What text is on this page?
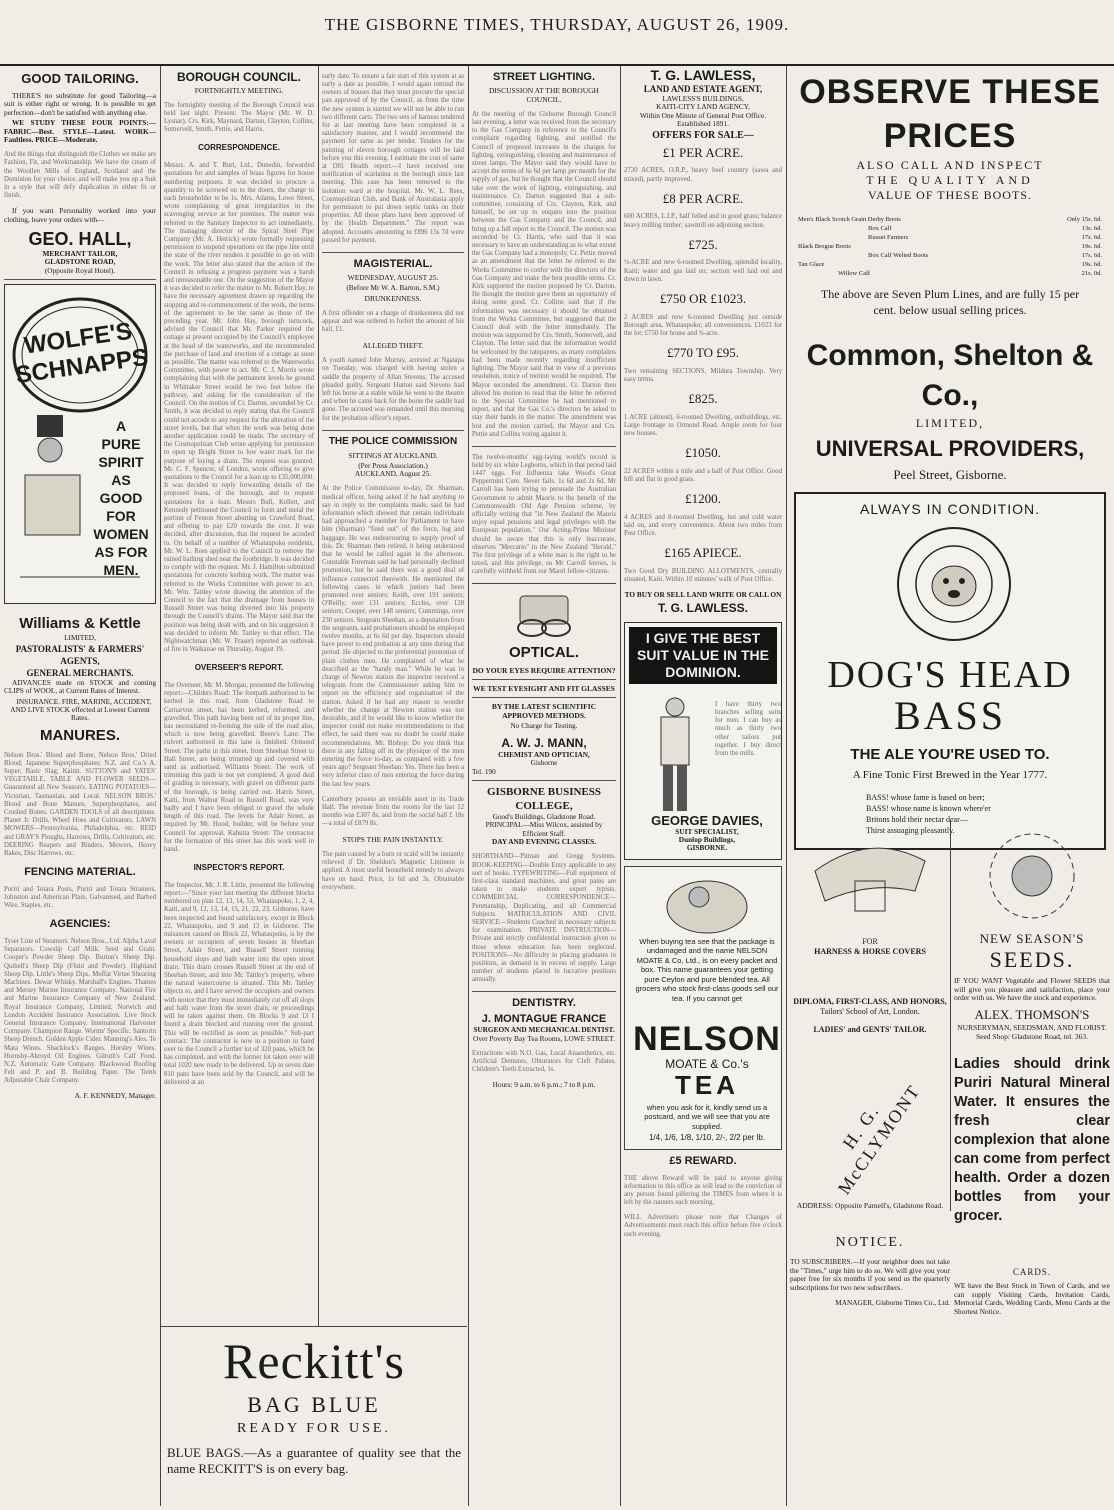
THE GISBORNE TIMES, THURSDAY, AUGUST 26, 1909.
GOOD TAILORING.

THERE'S no substitute for good Tailoring—a suit is either right or wrong. It is possible to get perfection—don't be satisfied with anything else.

WE STUDY THESE FOUR POINTS:—FABRIC—Best. STYLE—Latest. WORK—Faultless. PRICE—Moderate.

And the things that distinguish the Clothes we make are Fashion, Fit, and Workmanship. We have the cream of the Woollen Mills of England, Scotland and the Dominion for your choice, and will make you up a Suit in a style that will defy duplication in either fit or finish.

If you want Personality worked into your clothing, leave your orders with—

GEO. HALL,
MERCHANT TAILOR,
GLADSTONE ROAD,
(Opposite Royal Hotel).
WOLFE'S SCHNAPPS
A
PURE
SPIRIT
AS
GOOD
FOR
WOMEN
AS FOR
MEN.
Williams & Kettle
LIMITED,
PASTORALISTS' & FARMERS'
AGENTS,
GENERAL MERCHANTS.

ADVANCES made on STOCK and coming CLIPS of WOOL, at Current Rates of Interest.

INSURANCE. FIRE, MARINE, ACCIDENT, AND LIVE STOCK effected at Lowest Current Rates.

MANURES.

Nelson Bros.' Blood and Bone; Nelson Bros.' Dried Blood; Japanese Superphosphates; N.Z. and Co.'s A. Super; Basic Slag; Kainit. SUTTON'S and YATES' VEGETABLE, TABLE AND FLOWER SEEDS—Guaranteed all New Season's. EATING POTATOES—Victorian, Tasmanian, and Local. NELSON BROS.' Blood and Bone Manure, Superphosphates, and Crushed Bones. GARDEN TOOLS of all descriptions. Planet Jr. Drills, Wheel Hoes and Cultivators. LAWN MOWERS—Pennsylvania, Philadelphia, etc. REID and GRAY'S Ploughs, Harrows, Drills, Cultivators, etc. DEERING Reapers and Binders, Mowers, Heavy Rakes, Disc Harrows, etc.

FENCING MATERIAL.

Puriri and Totara Posts, Puriri and Totara Strainers, Johnston and American Plain, Galvanised, and Barbed Wire, Staples, etc.

AGENCIES:

Tyser Line of Steamers. Nelson Bros., Ltd. Alpha Laval Separators. Cowslip Calf Milk. Seed and Grain. Cooper's Powder Sheep Dip. Burton's Sheep Dip. Quibell's Sheep Dip (Fluid and Powder). Highland Sheep Dip. Little's Sheep Dips. Moffat Virtue Shearing Machines. Dewar Whisky. Marshall's Engines. Thames and Mersey Marine Insurance Company. National Fire and Marine Insurance Company of New Zealand. Royal Insurance Company, Limited. Norwich and London Accident Insurance Association. Live Stock General Insurance Company. International Harvester Company. Champion Range. Worms' Specific. Santorin Sheep Drench. Golden Apple Cider. Manning's Ales. Te Mata Wines. Shacklock's Ranges. Horsley Wines. Hornsby-Akroyd Oil Engines. Gilruth's Calf Food. N.Z. Automatic Gate Company. Blackwood Roofing Felt and P. and B. Building Paper. The Tomb Adjustable Chair Company.

A. F. KENNEDY, Manager.
BOROUGH COUNCIL.
FORTNIGHTLY MEETING.

The fortnightly meeting of the Borough Council was held last night. Present: The Mayor (Mr. W. D. Lysnar), Crs. Kirk, Maynard, Darton, Clayton, Collins, Somervell, Smith, Pettie, and Harris.

CORRESPONDENCE.

Messrs. A. and T. Burt, Ltd., Dunedin, forwarded quotations for and samples of brass figures for house numbering purposes. It was decided to procure a quantity to be screwed on to the doors, the charge to each householder to be 1s. Mrs. Adams, Lowe Street, wrote complaining of great irregularities in the scavenging service at her premises. The matter was referred to the Sanitary Inspector to act immediately. The managing director of the Spiral Steel Pipe Company (Mr. A. Hetrick) wrote formally requesting permission to suspend operations on the pipe line until the state of the river renders it possible to go on with the work. The letter also stated that the action of the Council in refusing a progress payment was a harsh and unreasonable one. On the suggestion of the Mayor it was decided to refer the matter to Mr. Robert Hay, to have the necessary agreement drawn up regarding the stopping and re-commencement of the work, the terms of the agreement to be the same as those of the preceding year. Mr. John Hay, borough turncock, advised the Council that Mr. Parker required the cottage at present occupied by the Council's employee at the head of the waterworks, and the recommended the purchase of land and erection of a cottage as soon as possible. The matter was referred to the Waterworks Committee, with power to act. Mr. C. J. Morris wrote complaining that with the permanent levels he ground in Whittaker Street would be two feet below the pathway, and asking for the consideration of the Council. On the motion of Cr. Darton, seconded by Cr. Smith, it was decided to reply stating that the Council could not accede to any request for the alteration of the street levels, but that when the work was being done another application could be made. The secretary of the Cosmopolitan Club wrote applying for permission to open up Bright Street to low water mark for the purpose of laying a drain. The request was granted. Mr. C. F. Spencer, of London, wrote offering to give quotations to the Council for a loan up to £35,000,000. It was decided to reply forwarding details of the proposed loans, of the borough, and to request quotations for a loan. Messrs Bull, Kellett, and Kennedy petitioned the Council to form and metal the portion of Fenton Street abutting on Crawford Road, and offering to pay £20 towards the cost. It was decided, after discussion, that the request be acceded to. On behalf of a number of Whataupoko residents, Mr. W. L. Rees applied to the Council to remove the ruined bathing shed near the footbridge. It was decided to comply with the request. Mr. J. Hamilton submitted quotations for concrete kerbing work. The matter was referred to the Works Committee with power to act. Mr. Wm. Tattley wrote drawing the attention of the Council to the fact that the drainage from houses in Russell Street was being diverted into his property through the Council's drains. The Mayor said that the position was being dealt with, and on his suggestion it was decided to inform Mr. Tattley to that effect. The Nightwatchman (Mr. W. Fraser) reported an outbreak of fire in Waikanae on Thursday, August 19.

OVERSEER'S REPORT.

The Overseer, Mr. M. Morgan, presented the following report:—Childers Road: The footpath authorised to be kerbed in this road, from Gladstone Road to Carnarvon street, has been kerbed, reformed, and gravelled. This path having been out of its proper line, has necessitated re-forming the side of the road also, which is now being gravelled. Beere's Lane: The culvert authorised in this lane is finished. Ormond Street: The paths in this street, from Sheehan Street to Hall Street, are being trimmed up and covered with sand as authorised. Williams Street: The work of trimming this path is not yet completed. A good deal of grading is necessary, with gravel on different parts of the borough, is being carried out. Harris Street, Kaiti, from Walnut Road to Russell Road, was very badly and I have been obliged to gravel the whole length of this road. The levels for Adair Street, as required by Mr. Hood, builder, will be before your Council for approval. Kahutia Street: The contractor for the formation of this street has this work well in hand.

INSPECTOR'S REPORT.

The Inspector, Mr. J. R. Little, presented the following report:—"Since your last meeting the different blocks numbered on plan 12, 13, 14, 53, Whataupoko, 1, 2, 4, Kaiti, and 9, 12, 13, 14, 15, 21, 22, 23, Gisborne, have been inspected and found satisfactory, except in Block 22, Whataupoko, and 9 and 13 in Gisborne. The nuisances caused on Block 22, Whataupoko, is by the owners or occupiers of seven houses in Sheehan Street, Adair Street, and Russell Street running household slops and bath water into the open street drain. This drain crosses Russell Street at the end of Sheehan Street, and into Mr. Tattley's property, where the natural watercourse is situated. This Mr. Tattley objects to, and I have served the occupiers and owners with notice that they must immediately cut off all slops and bath water from the street drain, or proceedings will be taken against them. On Blocks 9 and 13 I found a drain blocked and running over the ground. This will be rectified as soon as possible." Sub-part contract: The contractor is now in a position to hand over to the Council a further lot of 320 pans, which he has completed, and with the former lot taken over will total 1020 new ready to be delivered. Up to seven date 810 pans have been sold by the Council, and will be delivered at an

early date. To ensure a fair start of this system at as early a date as possible, I would again remind the owners of houses that they must procure the special pan approved of by the Council, as from the time the new system is started we will not be able to run two different carts. The two sets of harness tendered for at last meeting have been completed in a satisfactory manner, and I would recommend the payment for same as per tender. Tenders for the painting of eleven borough cottages will be laid before you this evening. I estimate the cost of same at £80. Health report.—I have received one notification of scarlatina in the borough since last meeting. This case has been removed to the isolation ward at the hospital. Mr. W. L. Rees, Cosmopolitan Club, and Bank of Australasia apply for permission to put down septic tanks on their properties. All these plans have been approved of by the Health Department." The report was adopted. Accounts amounting to £896 15s 7d were passed for payment.

MAGISTERIAL.
WEDNESDAY, AUGUST 25.
(Before Mr W. A. Barton, S.M.)
DRUNKENNESS.

A first offender on a charge of drunkenness did not appear and was ordered to forfeit the amount of his bail, £1.

ALLEGED THEFT.

A youth named John Murray, arrested at Ngatapa on Tuesday, was charged with having stolen a saddle the property of Allan Stevens. The accused pleaded guilty. Sergeant Hutton said Stevens had left his horse at a stable while he went to the theatre and when he came back for the horse the saddle had gone. The accused was remanded until this morning for the probation officer's report.

THE POLICE COMMISSION
SITTINGS AT AUCKLAND.
(Per Press Association.)
AUCKLAND, August 25.

At the Police Commission to-day, Dr. Sharman, medical officer, being asked if he had anything to say in reply to the complaints made, said he had information which showed that certain individuals had approached a member for Parliament to have him (Sharman) "fired out" of the force, lug and baggage. He was endeavouring to supply proof of this. Dr. Sharman then retired, it being understood that he would be called again in the afternoon. Constable Foreman said he had personally declined promotion, but he said there was a good deal of influence connected therewith. He mentioned the following cases in which juniors had been promoted over seniors: Keith, over 191 seniors; O'Reilly, over 131 seniors; Eccles, over 128 seniors; Cooper, over 148 seniors; Cummings, over 230 seniors. Sergeant Sheehan, as a deputation from the sergeants, said probationers should be employed twelve months, at 6s 6d per day. Inspectors should have power to end probation at any time during that period. He objected to the preferential promotion of plain clothes men. He complained of what he described as the "handy man." While he was in charge of Newton station the inspector received a telegram from the Commissioner asking him to report on the efficiency and organisation of the station. Asked if he had any reason to wonder whether the change at Newton station was not desirable, and if he would like to know whether the inspector could not make recommendations to that effect, he said there was no doubt he could make recommendations. Mr. Bishop: Do you think that there is any falling off in the physique of the men entering the force to-day, as compared with a few years ago? Sergeant Sheehan: Yes. There has been a very inferior class of men entering the force during the last few years.

Canterbury possess an enviable asset in its Trade Hall. The revenue from the rooms for the last 12 months was £307 8s, and from the social hall £ 18s—a total of £879 8s.

STOPS THE PAIN INSTANTLY.

The pain caused by a burn or scald will be instantly relieved if Dr. Sheldon's Magnetic Liniment is applied. A most useful household remedy to always have on hand. Price, 1s 6d and 3s. Obtainable everywhere.

Reckitt's
BAG BLUE
READY FOR USE.
BLUE BAGS.—As a guarantee of quality see that the name RECKITT'S is on every bag.
STREET LIGHTING.
DISCUSSION AT THE BOROUGH COUNCIL.

At the meeting of the Gisborne Borough Council last evening, a letter was received from the secretary to the Gas Company in reference to the Council's complaint regarding lighting, and notified the Council of proposed increases in the charges for lighting, extinguishing, cleaning and maintenance of street lamps. The Mayor said they would have to accept the terms of 6s 6d per lamp per month for the supply of gas, but he thought that the Council should take over the work of lighting, extinguishing, and maintenance. Cr. Darton suggested that a sub-committee, consisting of Crs. Clayton, Kirk, and himself, be set up to enquire into the position between the Gas Company and the Council, and bring up a full report to the Council. The motion was seconded by Cr. Harris, who said that it was necessary to have an understanding as to what extent the Gas Company had a monopoly. Cr. Pettie moved as an amendment that the letter be referred to the Works Committee to confer with the directors of the Gas Company and make the best possible terms. Cr. Kirk supported the motion proposed by Cr. Darton. He thought the motion gave them an opportunity of doing some good. Cr. Collins said that if the information was necessary it should be obtained from the Works Committee, but suggested that the Council deal with the letter immediately. The motion was supported by Crs. Smith, Somervell, and Clayton. The letter said that the information would be welcomed by the ratepayers, as many complaints had been made recently regarding insufficient lighting. The Mayor said that in view of a previous resolution, notice of motion would be required. The Mayor seconded the amendment. Cr. Darton then altered his motion to read that the letter be referred to the Special Committee he had mentioned to report, and that the Gas Co.'s directors be asked to stay their hands in the matter. The amendment was lost and the motion carried, the Mayor and Crs. Pettie and Collins voting against it.

The twelve-months' egg-laying world's record is held by six white Leghorns, which in that period laid 1447 eggs. For Influenza take Wood's Great Peppermint Cure. Never fails. 1s 6d and 2s 6d. Mr Carroll has been trying to persuade the Australian Government to admit Maoris to the benefit of the Commonwealth Old Age Pension scheme, by officially writing that "in New Zealand the Maoris enjoy equal pensions and legal privileges with the European population." Our Acting-Prime Minister should be aware that this is only inaccurate, observes "Mercurio" in the New Zealand "Herald." The first privilege of a white man is the right to be taxed, and this privilege, so Mr Carroll knows, is carefully withheld from our Maori fellow-citizens.

OPTICAL.
DO YOUR EYES REQUIRE ATTENTION?
WE TEST EYESIGHT AND FIT GLASSES
BY THE LATEST SCIENTIFIC APPROVED METHODS.
No Charge for Testing.
A. W. J. MANN,
CHEMIST AND OPTICIAN,
Gisborne
Tel. 190
GISBORNE BUSINESS COLLEGE,
Good's Buildings, Gladstone Road.
PRINCIPAL—Miss Wilcox, assisted by Efficient Staff.
DAY AND EVENING CLASSES.

SHORTHAND—Pitman and Gregg Systems. BOOK-KEEPING—Double Entry applicable to any sort of books. TYPEWRITING—Full equipment of first-class standard machines, and great pains are taken to make students expert typists. COMMERCIAL CORRESPONDENCE—Penmanship, Duplicating, and all Commercial Subjects. MATRICULATION AND CIVIL SERVICE—Students Coached in necessary subjects for examination. PRIVATE INSTRUCTION—Private and strictly confidential instruction given to those whose education has been neglected. POSITIONS—No difficulty in placing graduates in positions, as demand is in excess of supply. Large number of students placed in lucrative positions annually.

DENTISTRY.
J. MONTAGUE FRANCE
SURGEON AND MECHANICAL DENTIST.
Over Poverty Bay Tea Rooms, LOWE STREET.

Extractions with N.O. Gas, Local Anaesthetics, etc. Artificial Dentures, Obturators for Cleft Palates. Children's Teeth Extracted, 1s.

Hours: 9 a.m. to 6 p.m.; 7 to 8 p.m.
T. G. LAWLESS,
LAND AND ESTATE AGENT,
LAWLESS'S BUILDINGS,
KAITI-CITY LAND AGENCY,
Within One Minute of General Post Office.
Established 1891.
OFFERS FOR SALE—
£1 PER ACRE.

2730 ACRES, O.R.P., heavy beef country (sawa and mixed), partly improved.

£8 PER ACRE.

600 ACRES, L.I.P., half felled and in good grass; balance heavy milling timber; sawmill on adjoining section.

£725.

½-ACRE and new 6-roomed Dwelling, splendid locality, Kaiti; water and gas laid on; section well laid out and down in lawn.

£750 OR £1023.

2 ACRES and new 6-roomed Dwelling just outside Borough area, Whataupoko; all conveniences. £1023 for the lot; £750 for house and ¾-acre.

£770 TO £95.

Two remaining SECTIONS, Mildura Township. Very easy terms.

£825.

1 ACRE (almost), 6-roomed Dwelling, outbuildings, etc. Large frontage to Ormond Road. Ample room for four new houses.

£1050.

22 ACRES within a mile and a half of Post Office. Good hill and flat in good grass.

£1200.

4 ACRES and 8-roomed Dwelling, hot and cold water laid on, and every convenience. About two miles from Post Office.

£165 APIECE.

Two Good Dry BUILDING ALLOTMENTS, centrally situated, Kaiti. Within 10 minutes' walk of Post Office.

TO BUY OR SELL LAND WRITE OR CALL ON
T. G. LAWLESS.
I GIVE THE BEST SUIT VALUE IN THE DOMINION.
I have thirty two branches selling suits for men. I can buy as much as thirty two other tailors put together. I buy direct from the mills.
GEORGE DAVIES,
SUIT SPECIALIST,
Dunlop Buildings,
GISBORNE.
When buying tea see that the package is undamaged and the name NELSON MOATE & Co, Ltd., is on every packet and box. This name guarantees your getting pure Ceylon and pure blended tea. All grocers who stock first-class goods sell our tea. If you cannot get
NELSON
MOATE & Co.'s
TEA
when you ask for it, kindly send us a postcard, and we will see that you are supplied.
1/4, 1/6, 1/8, 1/10, 2/-, 2/2 per lb.
£5 REWARD.

THE above Reward will be paid to anyone giving information to this office as will lead to the conviction of any person found pilfering the TIMES from where it is left by the runners each morning.

WILL Advertisers please note that Changes of Advertisements must reach this office before five o'clock each evening.

OBSERVE THESE PRICES
ALSO CALL AND INSPECT
THE QUALITY AND
VALUE OF THESE BOOTS.
Men's Black Scotch Grain Derby Boots	Only 15s. 6d.
Box Calf	13s. 6d.
Russet Farmers	17s. 6d.
Black Brogue Boots	19s. 6d.
Box Calf Welted Boots	17s. 6d.
Tan Glace	19s. 6d.
Willow Calf	21s. 0d.
The above are Seven Plum Lines, and are fully 15 per cent. below usual selling prices.
Common, Shelton & Co.,
LIMITED,
UNIVERSAL PROVIDERS,
Peel Street, Gisborne.
ALWAYS IN CONDITION.
DOG'S HEAD
BASS
THE ALE YOU'RE USED TO.
A Fine Tonic First Brewed in the Year 1777.
BASS! whose fame is based on beer;
BASS! whose name is known where'er
Britons hold their nectar dear—
Thirst assuaging pleasantly.
FOR
HARNESS & HORSE COVERS
DIPLOMA, FIRST-CLASS, AND HONORS,
Tailors' School of Art, London.
LADIES' and GENTS' TAILOR.
H. G. McCLYMONT
ADDRESS: Opposite Parnell's, Gladstone Road.
NEW SEASON'S
SEEDS.

IF YOU WANT Vegetable and Flower SEEDS that will give you pleasure and satisfaction, place your order with us. We have the stock and experience.

ALEX. THOMSON'S
NURSERYMAN, SEEDSMAN, AND FLORIST.
Seed Shop: Gladstone Road, tel. 363.
Ladies should drink Puriri Natural Mineral Water. It ensures the fresh clear complexion that alone can come from perfect health. Order a dozen bottles from your grocer.
NOTICE.

TO SUBSCRIBERS.—If your neighbor does not take the "Times," urge him to do so. We will give you your paper free for six months if you send us the quarterly subscriptions for two new subscribers.

MANAGER, Gisborne Times Co., Ltd.
CARDS.

WE have the Best Stock in Town of Cards, and we can supply Visiting Cards, Invitation Cards, Memorial Cards, Wedding Cards, Menu Cards at the Shortest Notice.
